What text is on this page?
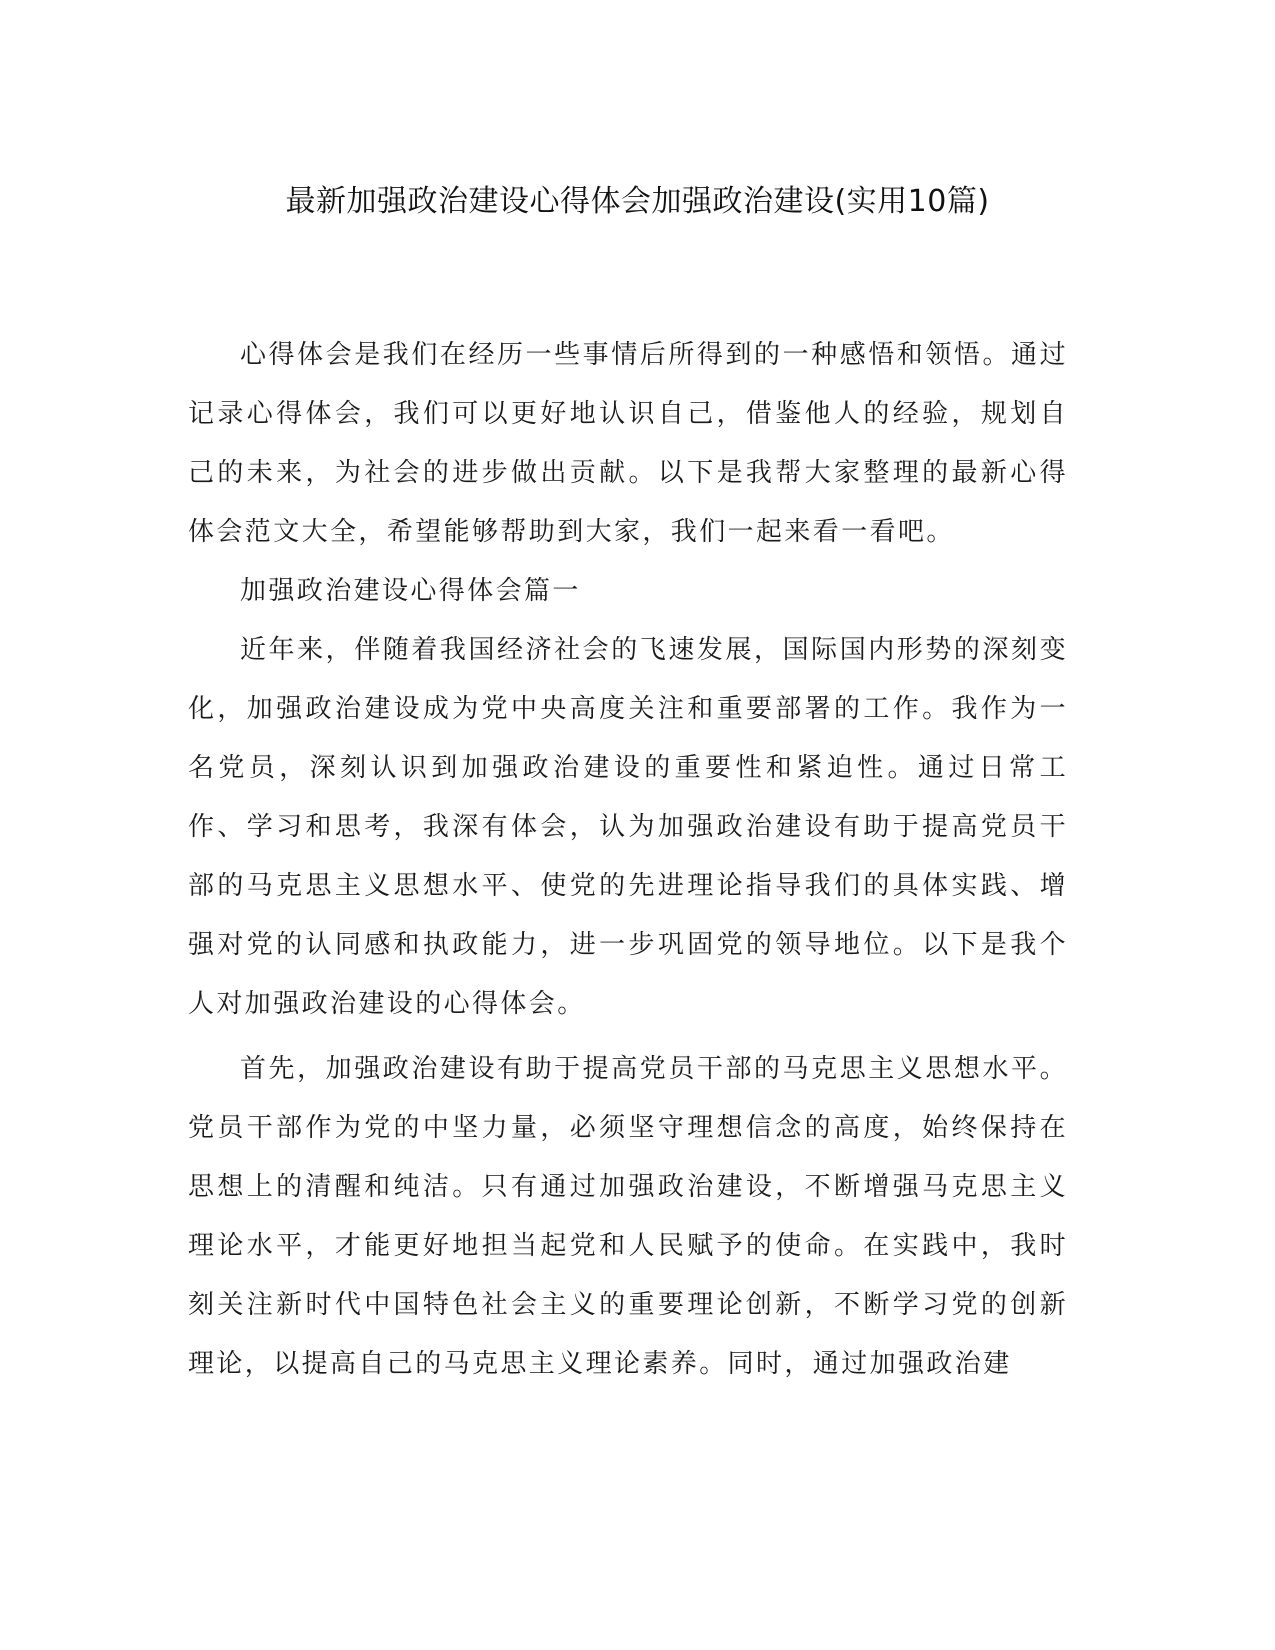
最新加强政治建设心得体会加强政治建设(实用10篇)

心得体会是我们在经历一些事情后所得到的一种感悟和领悟。通过记录心得体会，我们可以更好地认识自己，借鉴他人的经验，规划自己的未来，为社会的进步做出贡献。以下是我帮大家整理的最新心得体会范文大全，希望能够帮助到大家，我们一起来看一看吧。

加强政治建设心得体会篇一

近年来，伴随着我国经济社会的飞速发展，国际国内形势的深刻变化，加强政治建设成为党中央高度关注和重要部署的工作。我作为一名党员，深刻认识到加强政治建设的重要性和紧迫性。通过日常工作、学习和思考，我深有体会，认为加强政治建设有助于提高党员干部的马克思主义思想水平、使党的先进理论指导我们的具体实践、增强对党的认同感和执政能力，进一步巩固党的领导地位。以下是我个人对加强政治建设的心得体会。

首先，加强政治建设有助于提高党员干部的马克思主义思想水平。党员干部作为党的中坚力量，必须坚守理想信念的高度，始终保持在思想上的清醒和纯洁。只有通过加强政治建设，不断增强马克思主义理论水平，才能更好地担当起党和人民赋予的使命。在实践中，我时刻关注新时代中国特色社会主义的重要理论创新，不断学习党的创新理论，以提高自己的马克思主义理论素养。同时，通过加强政治建
